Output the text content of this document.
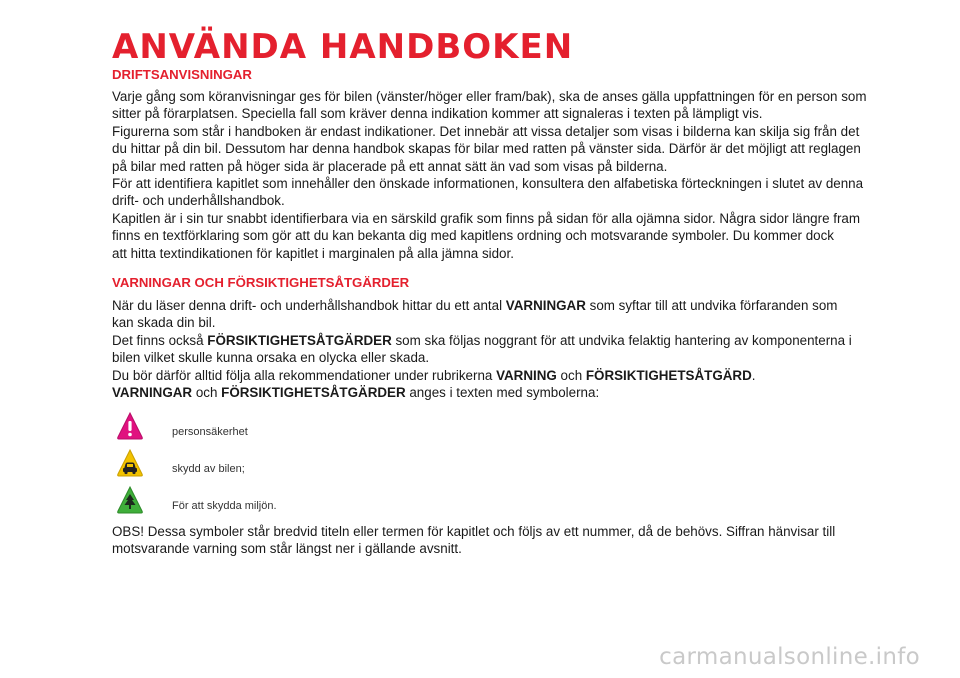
ANVÄNDA HANDBOKEN
DRIFTSANVISNINGAR

Varje gång som köranvisningar ges för bilen (vänster/höger eller fram/bak), ska de anses gälla uppfattningen för en person som

sitter på förarplatsen. Speciella fall som kräver denna indikation kommer att signaleras i texten på lämpligt vis.

Figurerna som står i handboken är endast indikationer. Det innebär att vissa detaljer som visas i bilderna kan skilja sig från det

du hittar på din bil. Dessutom har denna handbok skapas för bilar med ratten på vänster sida. Därför är det möjligt att reglagen

på bilar med ratten på höger sida är placerade på ett annat sätt än vad som visas på bilderna.

För att identifiera kapitlet som innehåller den önskade informationen, konsultera den alfabetiska förteckningen i slutet av denna

drift- och underhållshandbok.

Kapitlen är i sin tur snabbt identifierbara via en särskild grafik som finns på sidan för alla ojämna sidor. Några sidor längre fram

finns en textförklaring som gör att du kan bekanta dig med kapitlens ordning och motsvarande symboler. Du kommer dock

att hitta textindikationen för kapitlet i marginalen på alla jämna sidor.

VARNINGAR OCH FÖRSIKTIGHETSÅTGÄRDER

När du läser denna drift- och underhållshandbok hittar du ett antal VARNINGAR som syftar till att undvika förfaranden som

kan skada din bil.

Det finns också FÖRSIKTIGHETSÅTGÄRDER som ska följas noggrant för att undvika felaktig hantering av komponenterna i

bilen vilket skulle kunna orsaka en olycka eller skada.

Du bör därför alltid följa alla rekommendationer under rubrikerna VARNING och FÖRSIKTIGHETSÅTGÄRD.

VARNINGAR och FÖRSIKTIGHETSÅTGÄRDER anges i texten med symbolerna:

personsäkerhet
skydd av bilen;
För att skydda miljön.

OBS! Dessa symboler står bredvid titeln eller termen för kapitlet och följs av ett nummer, då de behövs. Siffran hänvisar till

motsvarande varning som står längst ner i gällande avsnitt.

carmanualsonline.info
